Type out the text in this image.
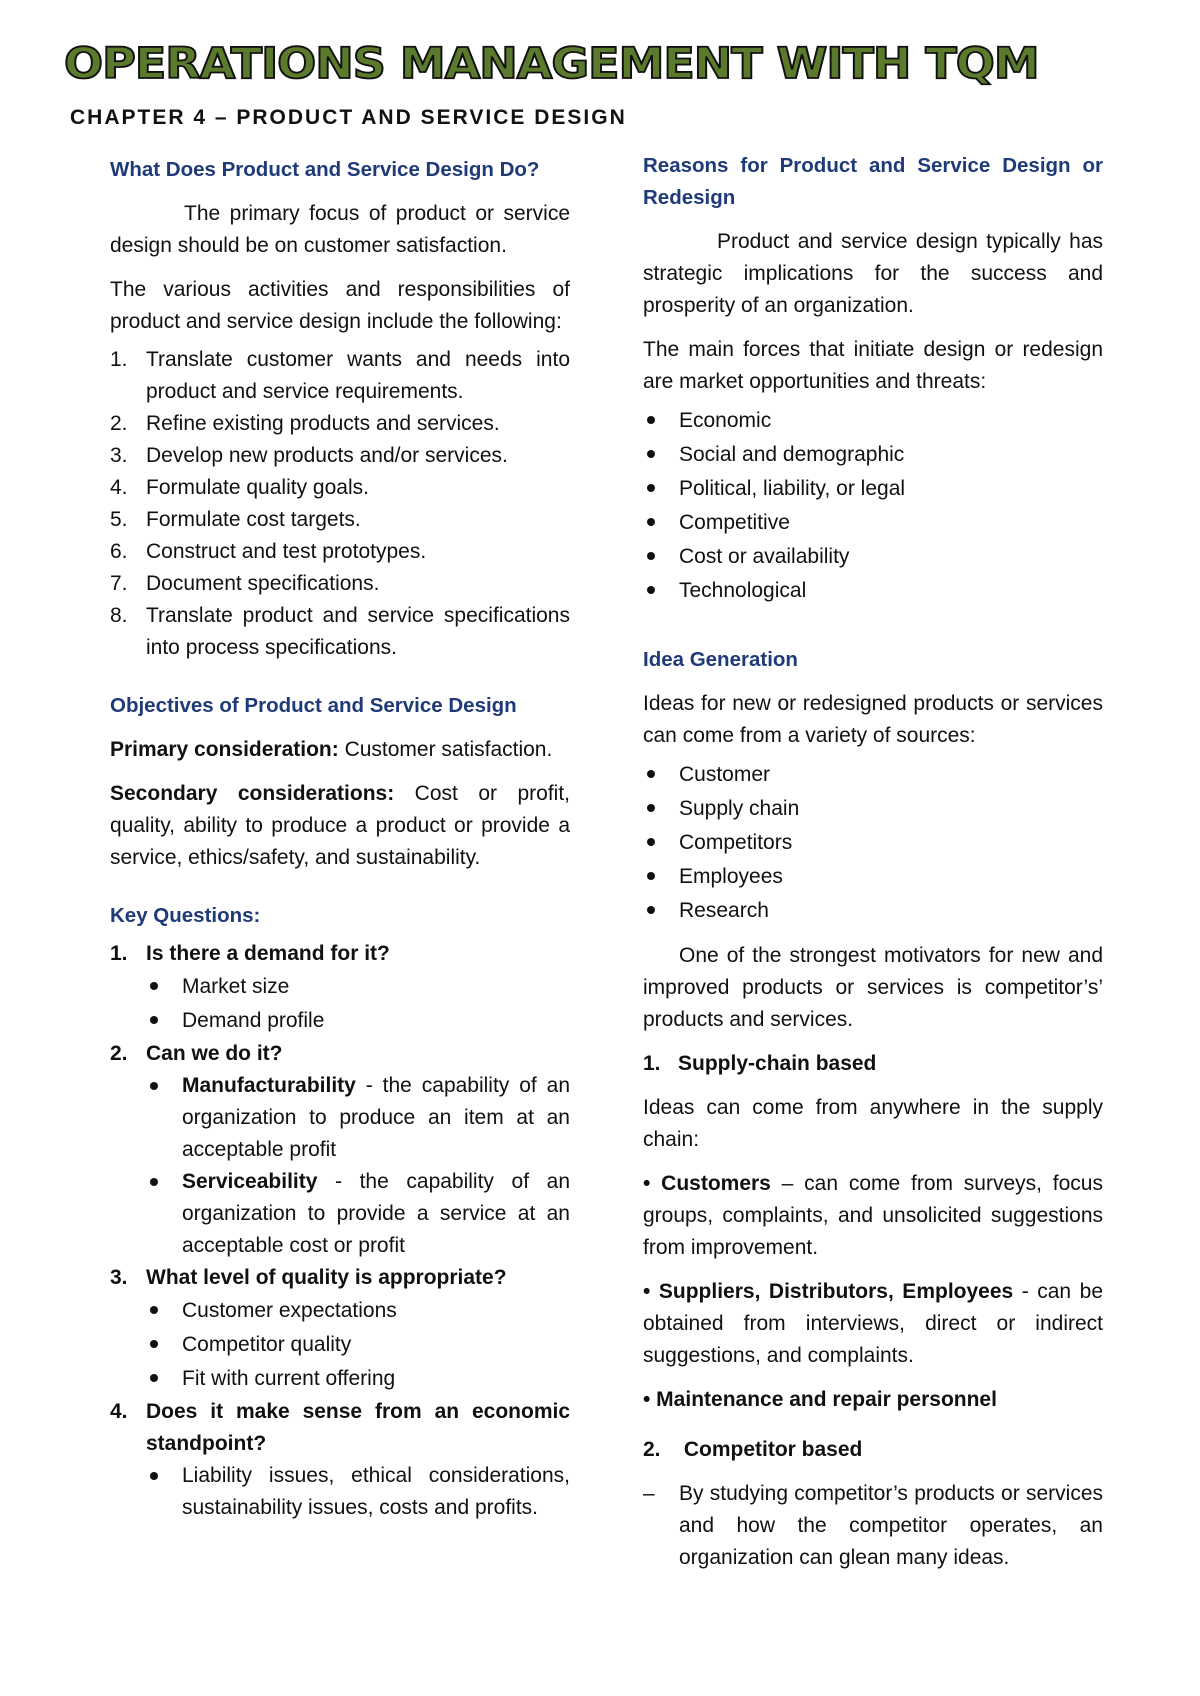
OPERATIONS MANAGEMENT WITH TQM
CHAPTER 4 – PRODUCT AND SERVICE DESIGN
What Does Product and Service Design Do?

The primary focus of product or service design should be on customer satisfaction.

The various activities and responsibilities of product and service design include the following:

1. Translate customer wants and needs into product and service requirements.
2. Refine existing products and services.
3. Develop new products and/or services.
4. Formulate quality goals.
5. Formulate cost targets.
6. Construct and test prototypes.
7. Document specifications.
8. Translate product and service specifications into process specifications.
Objectives of Product and Service Design

Primary consideration: Customer satisfaction.

Secondary considerations: Cost or profit, quality, ability to produce a product or provide a service, ethics/safety, and sustainability.

Key Questions:
1. Is there a demand for it?
Market size
Demand profile
2. Can we do it?
Manufacturability - the capability of an organization to produce an item at an acceptable profit
Serviceability - the capability of an organization to provide a service at an acceptable cost or profit
3. What level of quality is appropriate?
Customer expectations
Competitor quality
Fit with current offering
4. Does it make sense from an economic standpoint?
Liability issues, ethical considerations, sustainability issues, costs and profits.
Reasons for Product and Service Design or Redesign

Product and service design typically has strategic implications for the success and prosperity of an organization.

The main forces that initiate design or redesign are market opportunities and threats:

Economic
Social and demographic
Political, liability, or legal
Competitive
Cost or availability
Technological
Idea Generation

Ideas for new or redesigned products or services can come from a variety of sources:

Customer
Supply chain
Competitors
Employees
Research

One of the strongest motivators for new and improved products or services is competitor’s’ products and services.

1.   Supply-chain based

Ideas can come from anywhere in the supply chain:

• Customers – can come from surveys, focus groups, complaints, and unsolicited suggestions from improvement.

• Suppliers, Distributors, Employees - can be obtained from interviews, direct or indirect suggestions, and complaints.

• Maintenance and repair personnel

2.    Competitor based

– By studying competitor’s products or services and how the competitor operates, an organization can glean many ideas.
